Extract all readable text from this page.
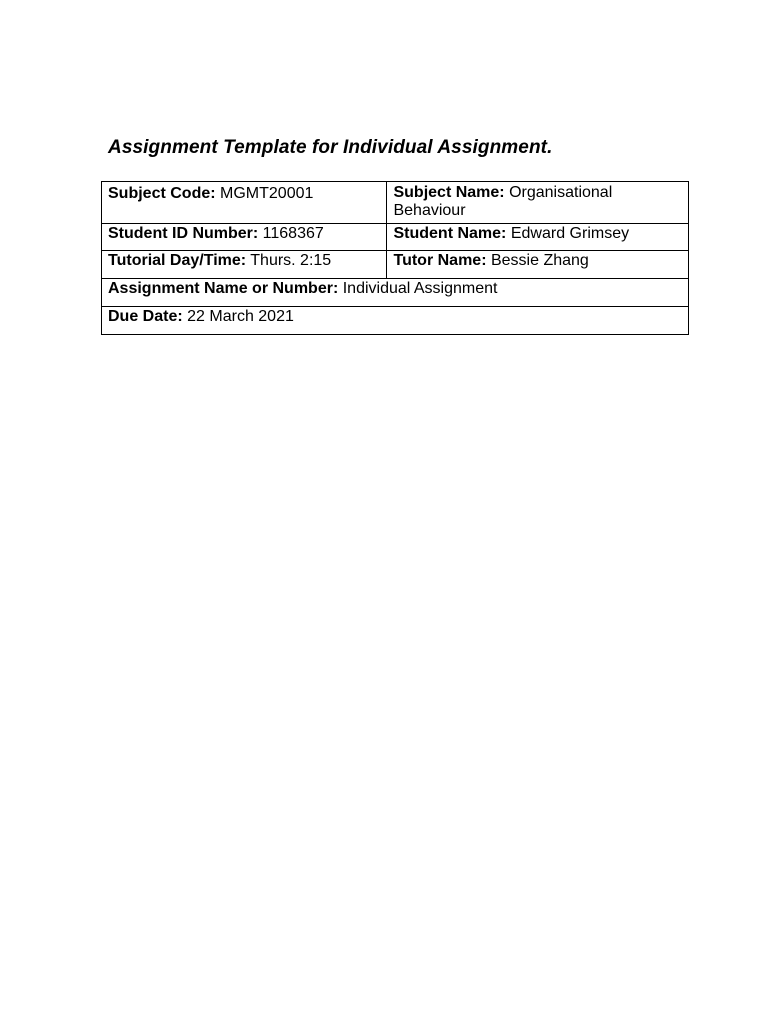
Assignment Template for Individual Assignment.
Subject Code: MGMT20001	Subject Name: Organisational Behaviour
Student ID Number: 1168367	Student Name: Edward Grimsey
Tutorial Day/Time: Thurs. 2:15	Tutor Name: Bessie Zhang
Assignment Name or Number: Individual Assignment	
Due Date: 22 March 2021	
